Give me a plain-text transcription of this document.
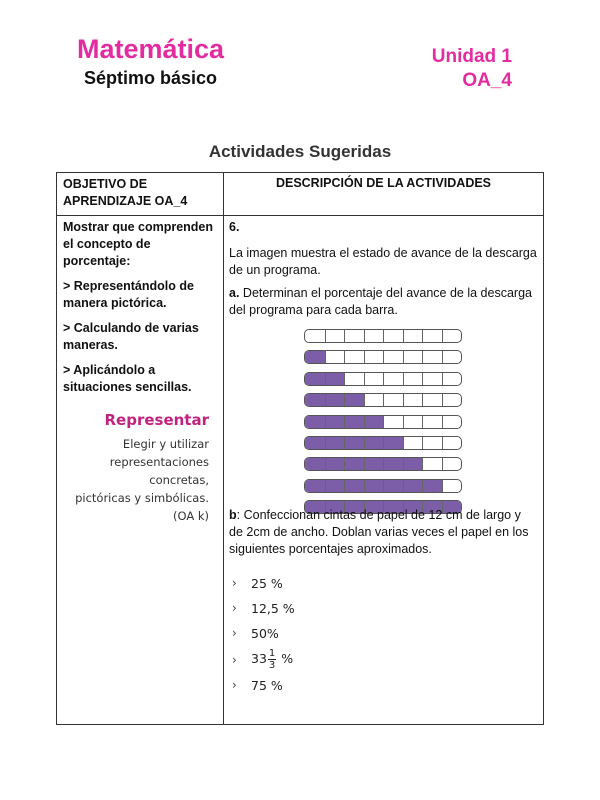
Matemática
Séptimo básico
Unidad 1
OA_4
Actividades Sugeridas
OBJETIVO DE APRENDIZAJE OA_4
DESCRIPCIÓN DE LA ACTIVIDADES

Mostrar que comprenden el concepto de porcentaje:

> Representándolo de manera pictórica.

> Calculando de varias maneras.

> Aplicándolo a situaciones sencillas.

Representar
Elegir y utilizar
representaciones concretas,
pictóricas y simbólicas.
(OA k)
6.

La imagen muestra el estado de avance de la descarga de un programa.

a. Determinan el porcentaje del avance de la descarga del programa para cada barra.

b: Confeccionan cintas de papel de 12 cm de largo y de 2cm de ancho. Doblan varias veces el papel en los siguientes porcentajes aproximados.

› 25 %
› 12,5 %
› 50%
› $33 \frac{1}{3}$ %
› 75 %
